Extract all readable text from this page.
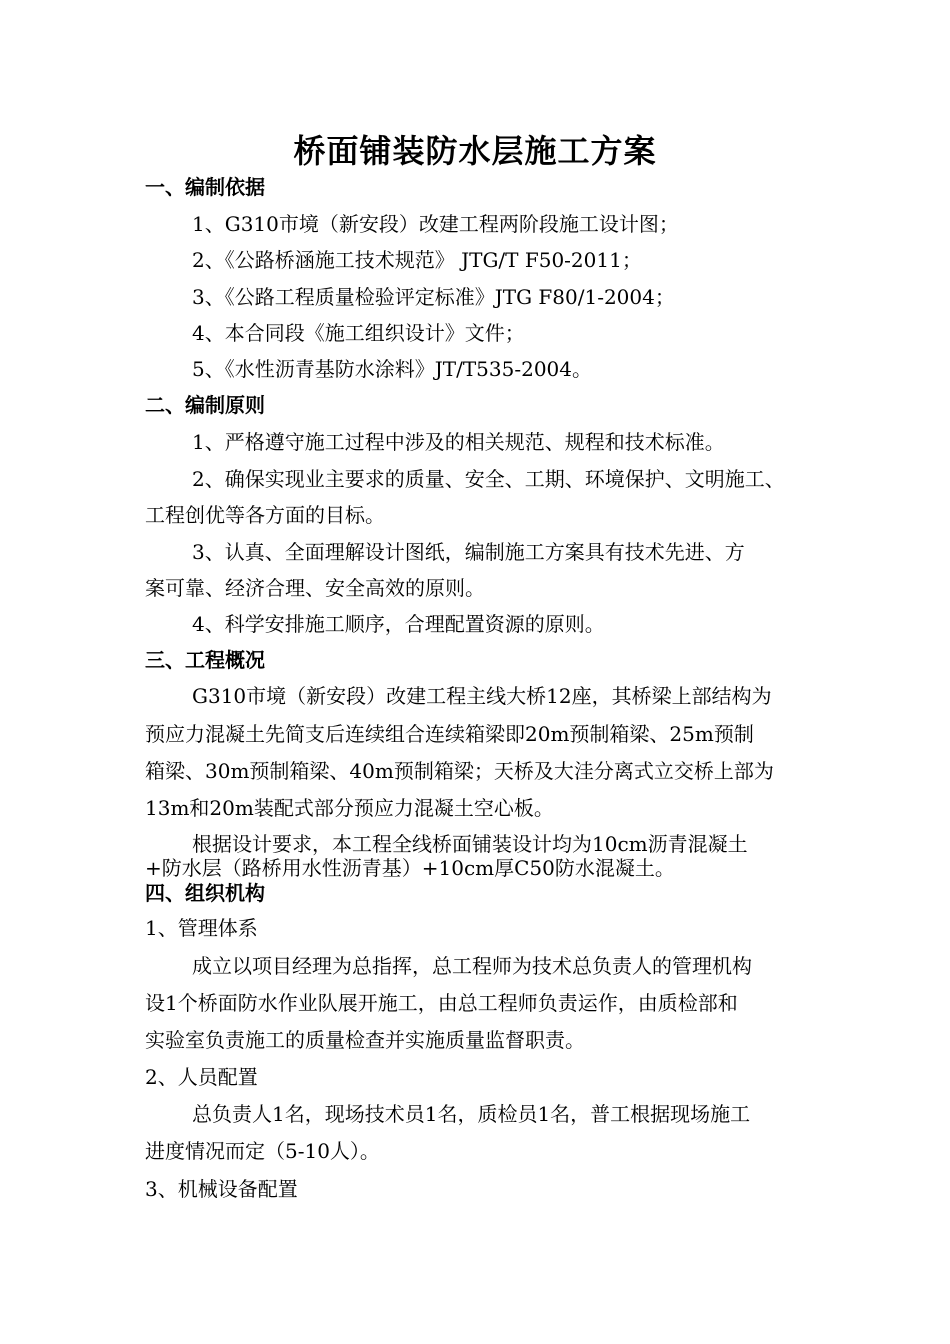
桥面铺装防水层施工方案
一、编制依据
1、G310市境（新安段）改建工程两阶段施工设计图；
2、《公路桥涵施工技术规范》 JTG/T F50-2011；
3、《公路工程质量检验评定标准》JTG F80/1-2004；
4、本合同段《施工组织设计》文件；
5、《水性沥青基防水涂料》JT/T535-2004。
二、编制原则
1、严格遵守施工过程中涉及的相关规范、规程和技术标准。
2、确保实现业主要求的质量、安全、工期、环境保护、文明施工、
工程创优等各方面的目标。
3、认真、全面理解设计图纸，编制施工方案具有技术先进、方
案可靠、经济合理、安全高效的原则。
4、科学安排施工顺序，合理配置资源的原则。
三、工程概况
G310市境（新安段）改建工程主线大桥12座，其桥梁上部结构为
预应力混凝土先简支后连续组合连续箱梁即20m预制箱梁、25m预制
箱梁、30m预制箱梁、40m预制箱梁；天桥及大洼分离式立交桥上部为
13m和20m装配式部分预应力混凝土空心板。
根据设计要求，本工程全线桥面铺装设计均为10cm沥青混凝土
+防水层（路桥用水性沥青基）+10cm厚C50防水混凝土。
四、组织机构
1、管理体系
成立以项目经理为总指挥，总工程师为技术总负责人的管理机构
设1个桥面防水作业队展开施工，由总工程师负责运作，由质检部和
实验室负责施工的质量检查并实施质量监督职责。
2、人员配置
总负责人1名，现场技术员1名，质检员1名，普工根据现场施工
进度情况而定（5-10人）。
3、机械设备配置
